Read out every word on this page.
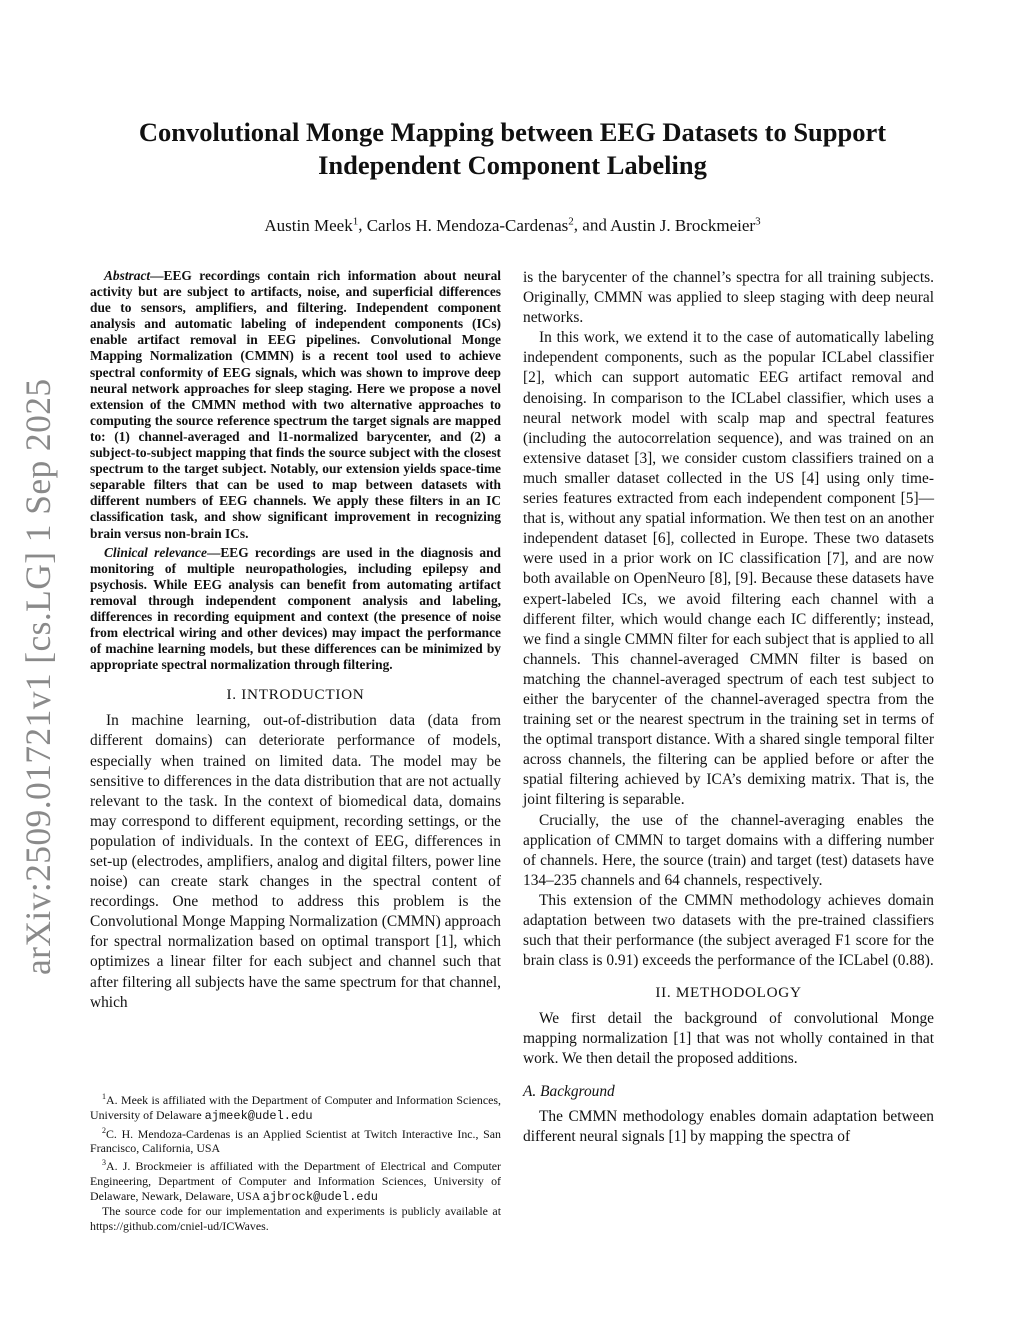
arXiv:2509.01721v1 [cs.LG] 1 Sep 2025
Convolutional Monge Mapping between EEG Datasets to Support Independent Component Labeling
Austin Meek$^1$, Carlos H. Mendoza-Cardenas$^2$, and Austin J. Brockmeier$^3$

Abstract—EEG recordings contain rich information about neural activity but are subject to artifacts, noise, and superficial differences due to sensors, amplifiers, and filtering. Independent component analysis and automatic labeling of independent components (ICs) enable artifact removal in EEG pipelines. Convolutional Monge Mapping Normalization (CMMN) is a recent tool used to achieve spectral conformity of EEG signals, which was shown to improve deep neural network approaches for sleep staging. Here we propose a novel extension of the CMMN method with two alternative approaches to computing the source reference spectrum the target signals are mapped to: (1) channel-averaged and l1-normalized barycenter, and (2) a subject-to-subject mapping that finds the source subject with the closest spectrum to the target subject. Notably, our extension yields space-time separable filters that can be used to map between datasets with different numbers of EEG channels. We apply these filters in an IC classification task, and show significant improvement in recognizing brain versus non-brain ICs.

Clinical relevance—EEG recordings are used in the diagnosis and monitoring of multiple neuropathologies, including epilepsy and psychosis. While EEG analysis can benefit from automating artifact removal through independent component analysis and labeling, differences in recording equipment and context (the presence of noise from electrical wiring and other devices) may impact the performance of machine learning models, but these differences can be minimized by appropriate spectral normalization through filtering.

I. INTRODUCTION

In machine learning, out-of-distribution data (data from different domains) can deteriorate performance of models, especially when trained on limited data. The model may be sensitive to differences in the data distribution that are not actually relevant to the task. In the context of biomedical data, domains may correspond to different equipment, recording settings, or the population of individuals. In the context of EEG, differences in set-up (electrodes, amplifiers, analog and digital filters, power line noise) can create stark changes in the spectral content of recordings. One method to address this problem is the Convolutional Monge Mapping Normalization (CMMN) approach for spectral normalization based on optimal transport [1], which optimizes a linear filter for each subject and channel such that after filtering all subjects have the same spectrum for that channel, which

$^1$A. Meek is affiliated with the Department of Computer and Information Sciences, University of Delaware ajmeek@udel.edu

$^2$C. H. Mendoza-Cardenas is an Applied Scientist at Twitch Interactive Inc., San Francisco, California, USA

$^3$A. J. Brockmeier is affiliated with the Department of Electrical and Computer Engineering, Department of Computer and Information Sciences, University of Delaware, Newark, Delaware, USA ajbrock@udel.edu

The source code for our implementation and experiments is publicly available at https://github.com/cniel-ud/ICWaves.

is the barycenter of the channel’s spectra for all training subjects. Originally, CMMN was applied to sleep staging with deep neural networks.

In this work, we extend it to the case of automatically labeling independent components, such as the popular ICLabel classifier [2], which can support automatic EEG artifact removal and denoising. In comparison to the ICLabel classifier, which uses a neural network model with scalp map and spectral features (including the autocorrelation sequence), and was trained on an extensive dataset [3], we consider custom classifiers trained on a much smaller dataset collected in the US [4] using only time-series features extracted from each independent component [5]—that is, without any spatial information. We then test on an another independent dataset [6], collected in Europe. These two datasets were used in a prior work on IC classification [7], and are now both available on OpenNeuro [8], [9]. Because these datasets have expert-labeled ICs, we avoid filtering each channel with a different filter, which would change each IC differently; instead, we find a single CMMN filter for each subject that is applied to all channels. This channel-averaged CMMN filter is based on matching the channel-averaged spectrum of each test subject to either the barycenter of the channel-averaged spectra from the training set or the nearest spectrum in the training set in terms of the optimal transport distance. With a shared single temporal filter across channels, the filtering can be applied before or after the spatial filtering achieved by ICA’s demixing matrix. That is, the joint filtering is separable.

Crucially, the use of the channel-averaging enables the application of CMMN to target domains with a differing number of channels. Here, the source (train) and target (test) datasets have 134–235 channels and 64 channels, respectively.

This extension of the CMMN methodology achieves domain adaptation between two datasets with the pre-trained classifiers such that their performance (the subject averaged F1 score for the brain class is 0.91) exceeds the performance of the ICLabel (0.88).

II. METHODOLOGY

We first detail the background of convolutional Monge mapping normalization [1] that was not wholly contained in that work. We then detail the proposed additions.

A. Background

The CMMN methodology enables domain adaptation between different neural signals [1] by mapping the spectra of
